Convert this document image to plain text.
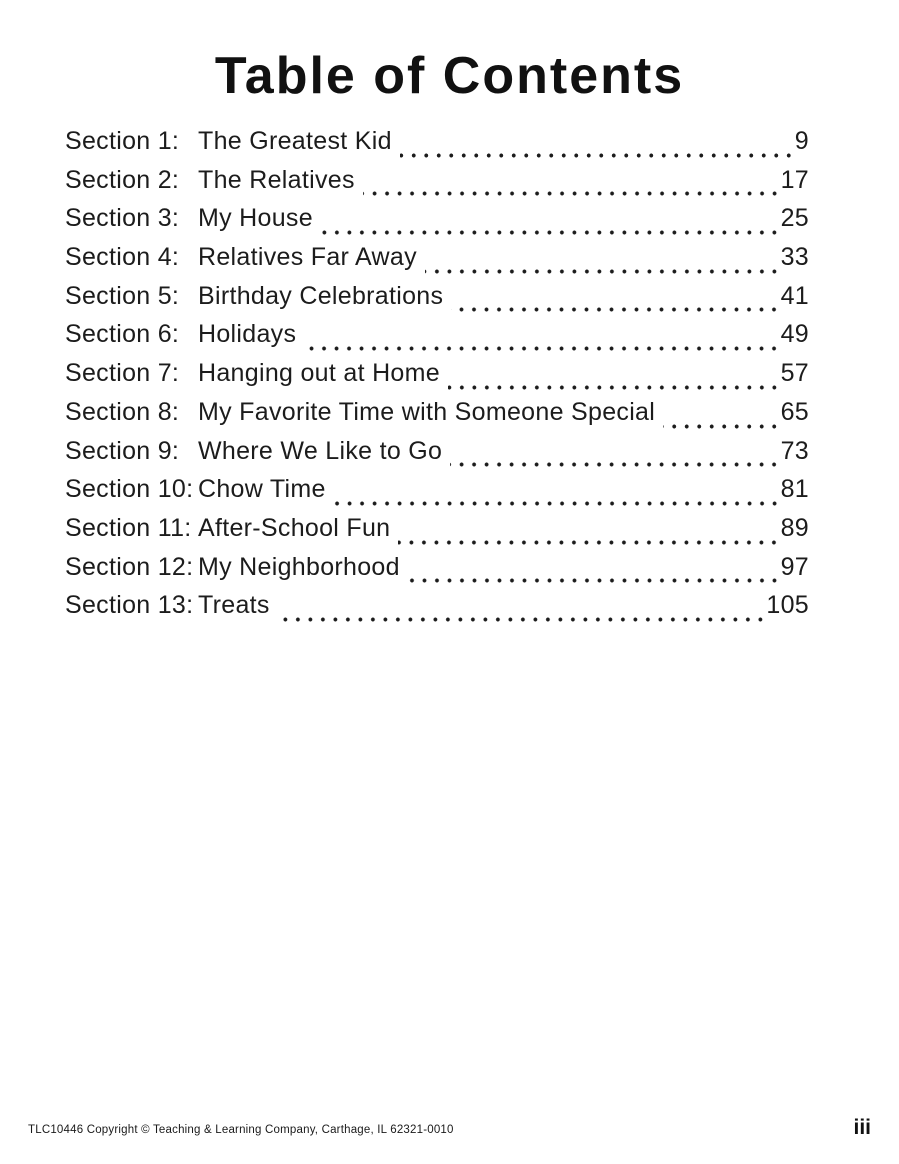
Table of Contents
Section 1: The Greatest Kid	9
Section 2: The Relatives	17
Section 3: My House	25
Section 4: Relatives Far Away	33
Section 5: Birthday Celebrations	41
Section 6: Holidays	49
Section 7: Hanging out at Home	57
Section 8: My Favorite Time with Someone Special	65
Section 9: Where We Like to Go	73
Section 10: Chow Time	81
Section 11: After-School Fun	89
Section 12: My Neighborhood	97
Section 13: Treats	105
TLC10446 Copyright © Teaching & Learning Company, Carthage, IL 62321-0010	iii
